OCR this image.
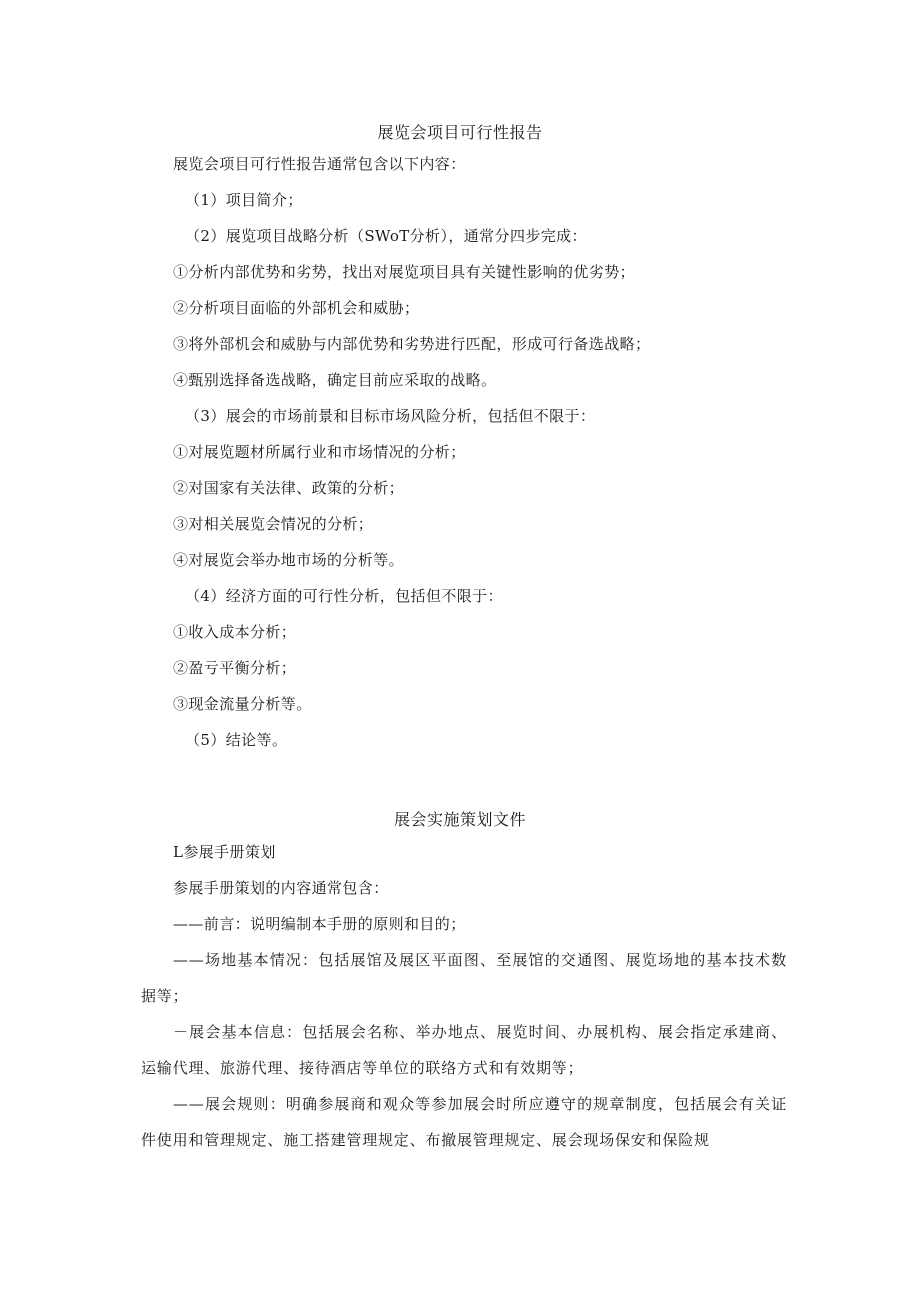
展览会项目可行性报告

展览会项目可行性报告通常包含以下内容：

（1）项目简介；

（2）展览项目战略分析（SWoT分析），通常分四步完成：

①分析内部优势和劣势，找出对展览项目具有关键性影响的优劣势；

②分析项目面临的外部机会和威胁；

③将外部机会和威胁与内部优势和劣势进行匹配，形成可行备选战略；

④甄别选择备选战略，确定目前应采取的战略。

（3）展会的市场前景和目标市场风险分析，包括但不限于：

①对展览题材所属行业和市场情况的分析；

②对国家有关法律、政策的分析；

③对相关展览会情况的分析；

④对展览会举办地市场的分析等。

（4）经济方面的可行性分析，包括但不限于：

①收入成本分析；

②盈亏平衡分析；

③现金流量分析等。

（5）结论等。

展会实施策划文件

L参展手册策划

参展手册策划的内容通常包含：

——前言：说明编制本手册的原则和目的；

——场地基本情况：包括展馆及展区平面图、至展馆的交通图、展览场地的基本技术数据等；

－展会基本信息：包括展会名称、举办地点、展览时间、办展机构、展会指定承建商、运输代理、旅游代理、接待酒店等单位的联络方式和有效期等；

——展会规则：明确参展商和观众等参加展会时所应遵守的规章制度，包括展会有关证件使用和管理规定、施工搭建管理规定、布撤展管理规定、展会现场保安和保险规
